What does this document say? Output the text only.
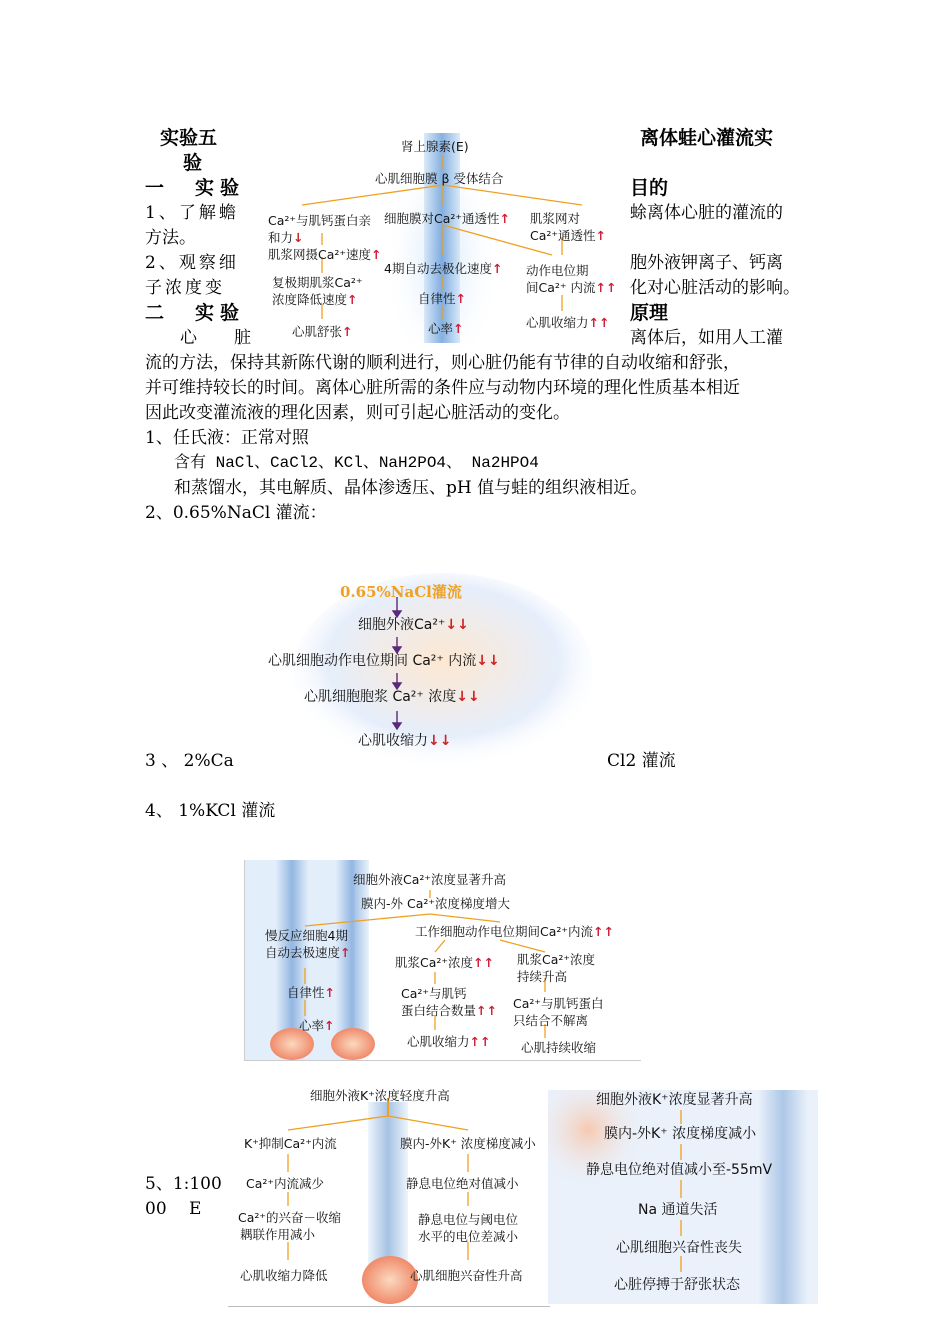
实验五
验
离体蛙心灌流实
一　实验	目的
1、了解蟾	蜍离体心脏的灌流的
方法。
2、观察细	胞外液钾离子、钙离
子浓度变	化对心脏活动的影响。
二　实验	原理
心　脏	离体后，如用人工灌
流的方法，保持其新陈代谢的顺利进行，则心脏仍能有节律的自动收缩和舒张，
并可维持较长的时间。离体心脏所需的条件应与动物内环境的理化性质基本相近
因此改变灌流液的理化因素，则可引起心脏活动的变化。
1、任氏液：正常对照
含有 NaCl、CaCl2、KCl、NaH2PO4、 Na2HPO4
和蒸馏水，其电解质、晶体渗透压、pH 值与蛙的组织液相近。
2、0.65%NaCl 灌流：
3 、 2%Ca	Cl2 灌流
4、 1%KCl 灌流
5、1:100
00　 E
肾上腺素(E)
心肌细胞膜 β 受体结合
Ca²⁺与肌钙蛋白亲
和力↓
细胞膜对Ca²⁺通透性↑ 肌浆网对
Ca²⁺通透性↑
肌浆网摄Ca²⁺速度↑
复极期肌浆Ca²⁺
浓度降低速度↑
心肌舒张↑
4期自动去极化速度↑
自律性↑
心率↑
动作电位期
间Ca²⁺ 内流↑↑
心肌收缩力↑↑
0.65%NaCl灌流
细胞外液Ca²⁺↓↓
心肌细胞动作电位期间 Ca²⁺ 内流↓↓
心肌细胞胞浆 Ca²⁺ 浓度↓↓
心肌收缩力↓↓
细胞外液Ca²⁺浓度显著升高
膜内-外 Ca²⁺浓度梯度增大
慢反应细胞4期
自动去极速度↑
自律性↑
心率↑
工作细胞动作电位期间Ca²⁺内流↑↑
肌浆Ca²⁺浓度↑↑
Ca²⁺与肌钙
蛋白结合数量↑↑
心肌收缩力↑↑
肌浆Ca²⁺浓度
持续升高
Ca²⁺与肌钙蛋白
只结合不解离
心肌持续收缩
细胞外液K⁺浓度轻度升高
K⁺抑制Ca²⁺内流
Ca²⁺内流减少
Ca²⁺的兴奋－收缩
耦联作用减小
心肌收缩力降低
膜内-外K⁺ 浓度梯度减小
静息电位绝对值减小
静息电位与阈电位
水平的电位差减小
心肌细胞兴奋性升高
细胞外液K⁺浓度显著升高
膜内-外K⁺ 浓度梯度减小
静息电位绝对值减小至-55mV
Na 通道失活
心肌细胞兴奋性丧失
心脏停搏于舒张状态
